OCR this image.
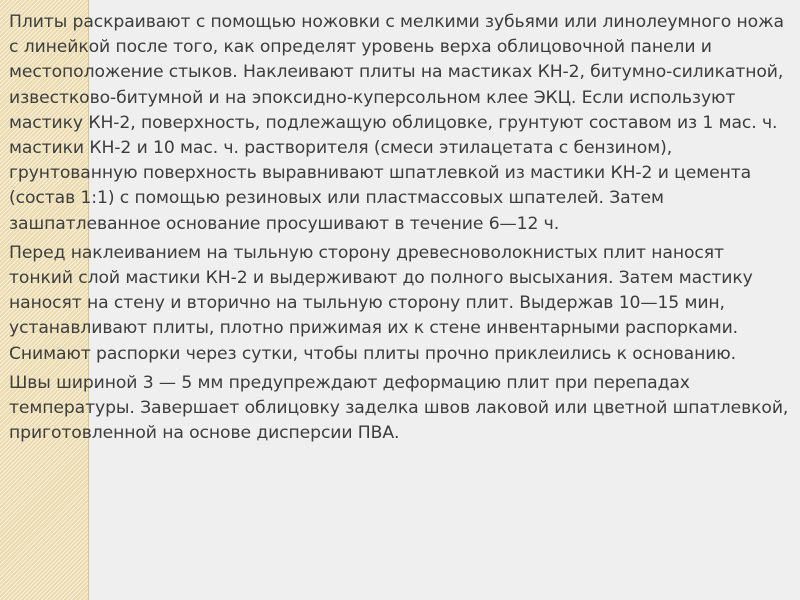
Плиты раскраивают с помощью ножовки с мелкими зубьями или линолеумного ножа с линейкой после того, как определят уровень верха облицовочной панели и местоположение стыков. Наклеивают плиты на мастиках КН-2, битумно-силикатной, известково-битумной и на эпоксидно-куперсольном клее ЭКЦ. Если используют мастику КН-2, поверхность, подлежащую облицовке, грунтуют составом из 1 мас. ч. мастики КН-2 и 10 мас. ч. растворителя (смеси этилацетата с бензином), грунтованную поверхность выравнивают шпатлевкой из мастики КН-2 и цемента (состав 1:1) с помощью резиновых или пластмассовых шпателей. Затем зашпатлеванное основание просушивают в течение 6—12 ч.

Перед наклеиванием на тыльную сторону древесноволокнистых плит наносят тонкий слой мастики КН-2 и выдерживают до полного высыхания. Затем мастику наносят на стену и вторично на тыльную сторону плит. Выдержав 10—15 мин, устанавливают плиты, плотно прижимая их к стене инвентарными распорками. Снимают распорки через сутки, чтобы плиты прочно приклеились к основанию.

Швы шириной 3 — 5 мм предупреждают деформацию плит при перепадах температуры. Завершает облицовку заделка швов лаковой или цветной шпатлевкой, приготовленной на основе дисперсии ПВА.
